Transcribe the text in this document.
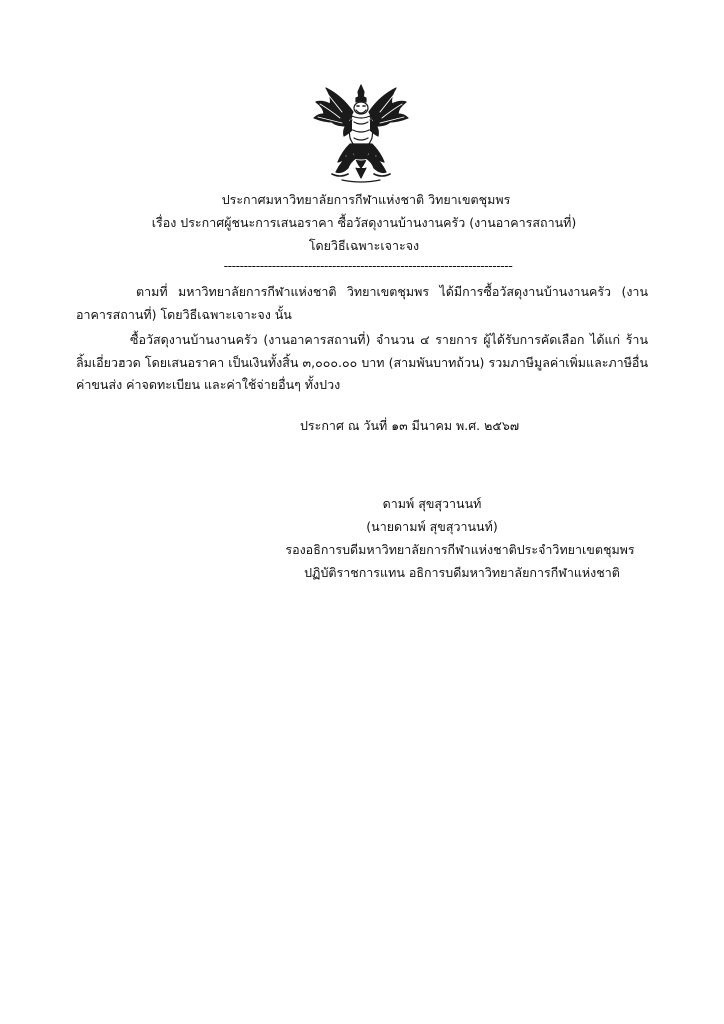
ประกาศมหาวิทยาลัยการกีฬาแห่งชาติ วิทยาเขตชุมพร
เรื่อง ประกาศผู้ชนะการเสนอราคา ซื้อวัสดุงานบ้านงานครัว (งานอาคารสถานที่)
โดยวิธีเฉพาะเจาะจง
------------------------------------------------------------------------
ตามที่ มหาวิทยาลัยการกีฬาแห่งชาติ วิทยาเขตชุมพร ได้มีการซื้อวัสดุงานบ้านงานครัว (งานอาคารสถานที่) โดยวิธีเฉพาะเจาะจง นั้น
ซื้อวัสดุงานบ้านงานครัว (งานอาคารสถานที่) จำนวน ๔ รายการ ผู้ได้รับการคัดเลือก ได้แก่ ร้านลิ้มเอี่ยวฮวด โดยเสนอราคา เป็นเงินทั้งสิ้น ๓,๐๐๐.๐๐ บาท (สามพันบาทถ้วน) รวมภาษีมูลค่าเพิ่มและภาษีอื่น ค่าขนส่ง ค่าจดทะเบียน และค่าใช้จ่ายอื่นๆ ทั้งปวง
ประกาศ ณ วันที่ ๑๓ มีนาคม พ.ศ. ๒๕๖๗
ดามพ์ สุขสุวานนท์
(นายดามพ์ สุขสุวานนท์)
รองอธิการบดีมหาวิทยาลัยการกีฬาแห่งชาติประจำวิทยาเขตชุมพร
ปฏิบัติราชการแทน อธิการบดีมหาวิทยาลัยการกีฬาแห่งชาติ
